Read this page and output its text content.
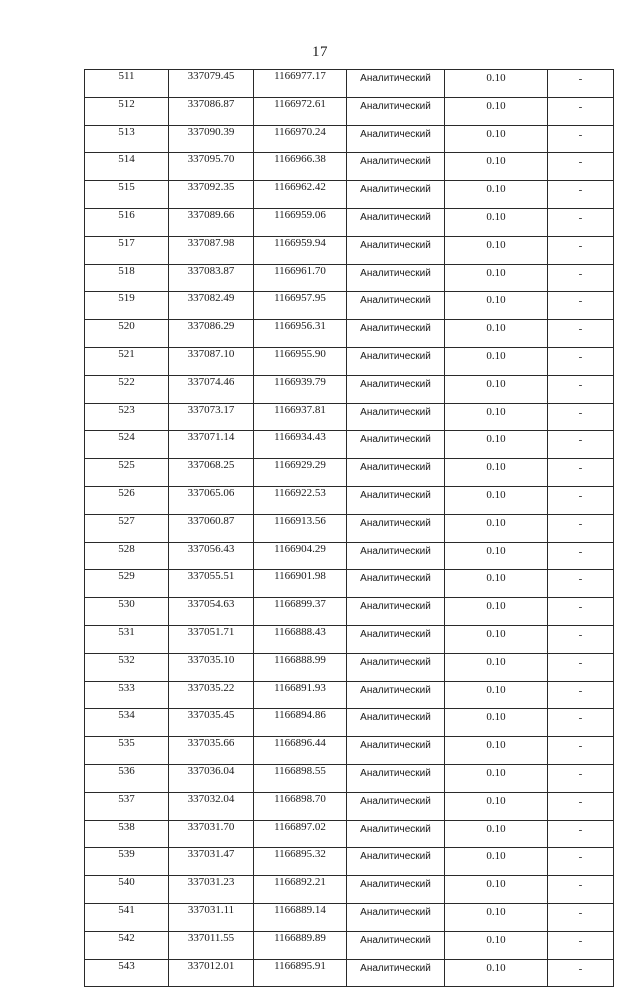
17
511	337079.45	1166977.17	Аналитический	0.10	-
512	337086.87	1166972.61	Аналитический	0.10	-
513	337090.39	1166970.24	Аналитический	0.10	-
514	337095.70	1166966.38	Аналитический	0.10	-
515	337092.35	1166962.42	Аналитический	0.10	-
516	337089.66	1166959.06	Аналитический	0.10	-
517	337087.98	1166959.94	Аналитический	0.10	-
518	337083.87	1166961.70	Аналитический	0.10	-
519	337082.49	1166957.95	Аналитический	0.10	-
520	337086.29	1166956.31	Аналитический	0.10	-
521	337087.10	1166955.90	Аналитический	0.10	-
522	337074.46	1166939.79	Аналитический	0.10	-
523	337073.17	1166937.81	Аналитический	0.10	-
524	337071.14	1166934.43	Аналитический	0.10	-
525	337068.25	1166929.29	Аналитический	0.10	-
526	337065.06	1166922.53	Аналитический	0.10	-
527	337060.87	1166913.56	Аналитический	0.10	-
528	337056.43	1166904.29	Аналитический	0.10	-
529	337055.51	1166901.98	Аналитический	0.10	-
530	337054.63	1166899.37	Аналитический	0.10	-
531	337051.71	1166888.43	Аналитический	0.10	-
532	337035.10	1166888.99	Аналитический	0.10	-
533	337035.22	1166891.93	Аналитический	0.10	-
534	337035.45	1166894.86	Аналитический	0.10	-
535	337035.66	1166896.44	Аналитический	0.10	-
536	337036.04	1166898.55	Аналитический	0.10	-
537	337032.04	1166898.70	Аналитический	0.10	-
538	337031.70	1166897.02	Аналитический	0.10	-
539	337031.47	1166895.32	Аналитический	0.10	-
540	337031.23	1166892.21	Аналитический	0.10	-
541	337031.11	1166889.14	Аналитический	0.10	-
542	337011.55	1166889.89	Аналитический	0.10	-
543	337012.01	1166895.91	Аналитический	0.10	-
